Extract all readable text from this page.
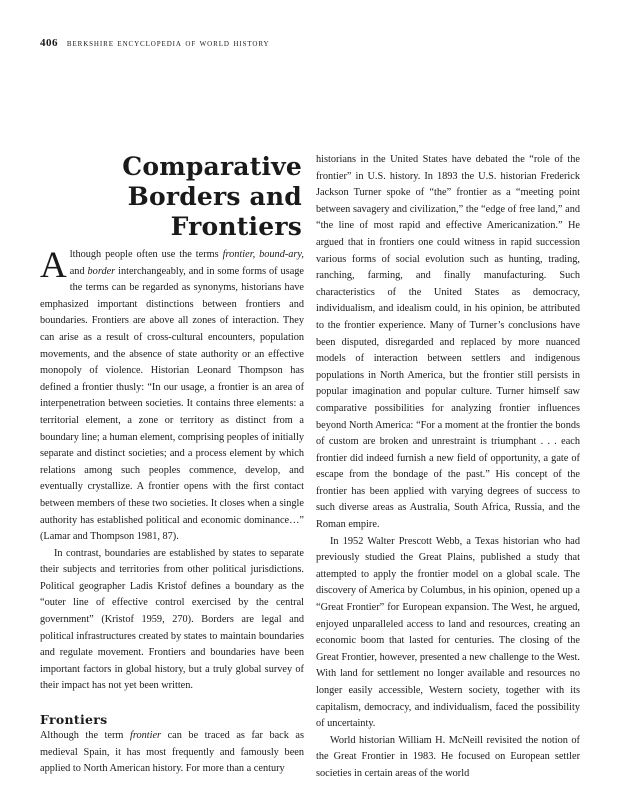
406 berkshire encyclopedia of world history
Comparative
Borders and
Frontiers

Although people often use the terms frontier, bound-ary, and border interchangeably, and in some forms of usage the terms can be regarded as synonyms, historians have emphasized important distinctions between frontiers and boundaries. Frontiers are above all zones of interaction. They can arise as a result of cross-cultural encounters, population movements, and the absence of state authority or an effective monopoly of violence. Historian Leonard Thompson has defined a frontier thusly: “In our usage, a frontier is an area of interpenetration between societies. It contains three elements: a territorial element, a zone or territory as distinct from a boundary line; a human element, comprising peoples of initially separate and distinct societies; and a process element by which relations among such peoples commence, develop, and eventually crystallize. A frontier opens with the first contact between members of these two societies. It closes when a single authority has established political and economic dominance…” (Lamar and Thompson 1981, 87).

In contrast, boundaries are established by states to separate their subjects and territories from other political jurisdictions. Political geographer Ladis Kristof defines a boundary as the “outer line of effective control exercised by the central government” (Kristof 1959, 270). Borders are legal and political infrastructures created by states to maintain boundaries and regulate movement. Frontiers and boundaries have been important factors in global history, but a truly global survey of their impact has not yet been written.

Frontiers

Although the term frontier can be traced as far back as medieval Spain, it has most frequently and famously been applied to North American history. For more than a century

historians in the United States have debated the “role of the frontier” in U.S. history. In 1893 the U.S. historian Frederick Jackson Turner spoke of “the” frontier as a “meeting point between savagery and civilization,” the “edge of free land,” and “the line of most rapid and effective Americanization.” He argued that in frontiers one could witness in rapid succession various forms of social evolution such as hunting, trading, ranching, farming, and finally manufacturing. Such characteristics of the United States as democracy, individualism, and idealism could, in his opinion, be attributed to the frontier experience. Many of Turner’s conclusions have been disputed, disregarded and replaced by more nuanced models of interaction between settlers and indigenous populations in North America, but the frontier still persists in popular imagination and popular culture. Turner himself saw comparative possibilities for analyzing frontier influences beyond North America: “For a moment at the frontier the bonds of custom are broken and unrestraint is triumphant . . . each frontier did indeed furnish a new field of opportunity, a gate of escape from the bondage of the past.” His concept of the frontier has been applied with varying degrees of success to such diverse areas as Australia, South Africa, Russia, and the Roman empire.

In 1952 Walter Prescott Webb, a Texas historian who had previously studied the Great Plains, published a study that attempted to apply the frontier model on a global scale. The discovery of America by Columbus, in his opinion, opened up a “Great Frontier” for European expansion. The West, he argued, enjoyed unparalleled access to land and resources, creating an economic boom that lasted for centuries. The closing of the Great Frontier, however, presented a new challenge to the West. With land for settlement no longer available and resources no longer easily accessible, Western society, together with its capitalism, democracy, and individualism, faced the possibility of uncertainty.

World historian William H. McNeill revisited the notion of the Great Frontier in 1983. He focused on European settler societies in certain areas of the world
